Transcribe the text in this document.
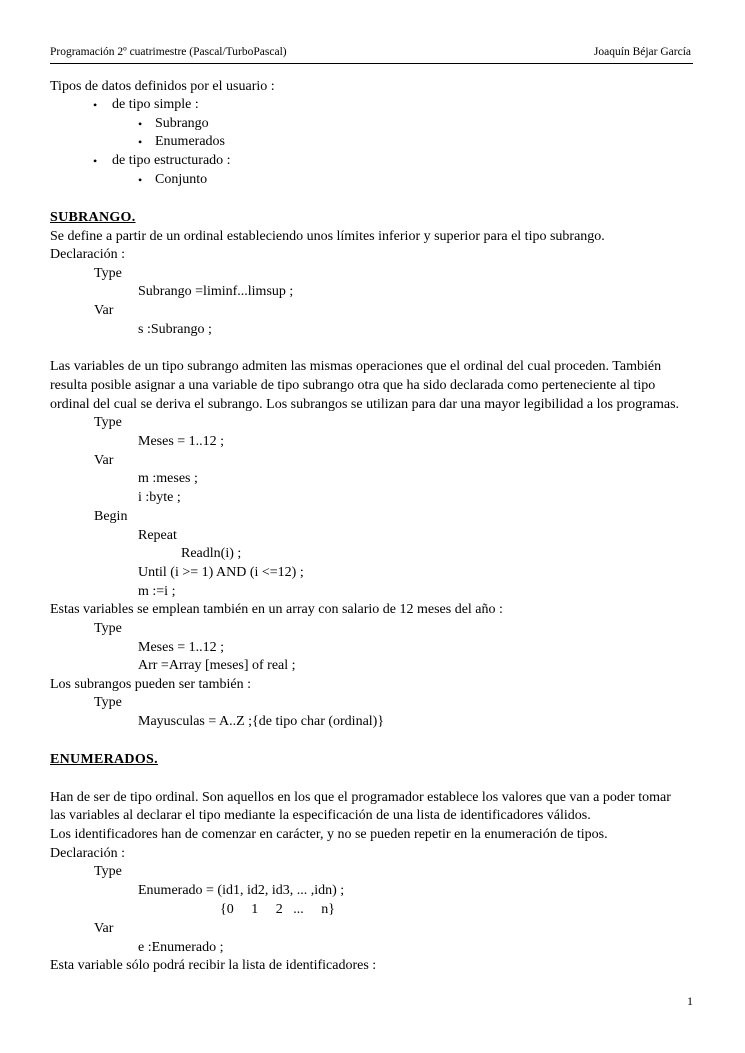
Programación 2º cuatrimestre (Pascal/TurboPascal)	Joaquín Béjar García
Tipos de datos definidos por el usuario :
• de tipo simple :
• Subrango
• Enumerados
• de tipo estructurado :
• Conjunto
SUBRANGO.
Se define a partir de un ordinal estableciendo unos límites inferior y superior para el tipo subrango.
Declaración :
Type
Subrango =liminf...limsup ;
Var
s :Subrango ;
Las variables de un tipo subrango admiten las mismas operaciones que el ordinal del cual proceden. También
resulta posible asignar a una variable de tipo subrango otra que ha sido declarada como perteneciente al tipo
ordinal del cual se deriva el subrango. Los subrangos se utilizan para dar una mayor legibilidad a los programas.
Type
Meses = 1..12 ;
Var
m :meses ;
i :byte ;
Begin
Repeat
Readln(i) ;
Until (i >= 1) AND (i <=12) ;
m :=i ;
Estas variables se emplean también en un array con salario de 12 meses del año :
Type
Meses = 1..12 ;
Arr =Array [meses] of real ;
Los subrangos pueden ser también :
Type
Mayusculas = A..Z ;{de tipo char (ordinal)}
ENUMERADOS.
Han de ser de tipo ordinal. Son aquellos en los que el programador establece los valores que van a poder tomar
las variables al declarar el tipo mediante la especificación de una lista de identificadores válidos.
Los identificadores han de comenzar en carácter, y no se pueden repetir en la enumeración de tipos.
Declaración :
Type
Enumerado = (id1, id2, id3, ... ,idn) ;
{0     1     2   ...     n}
Var
e :Enumerado ;
Esta variable sólo podrá recibir la lista de identificadores :
1
